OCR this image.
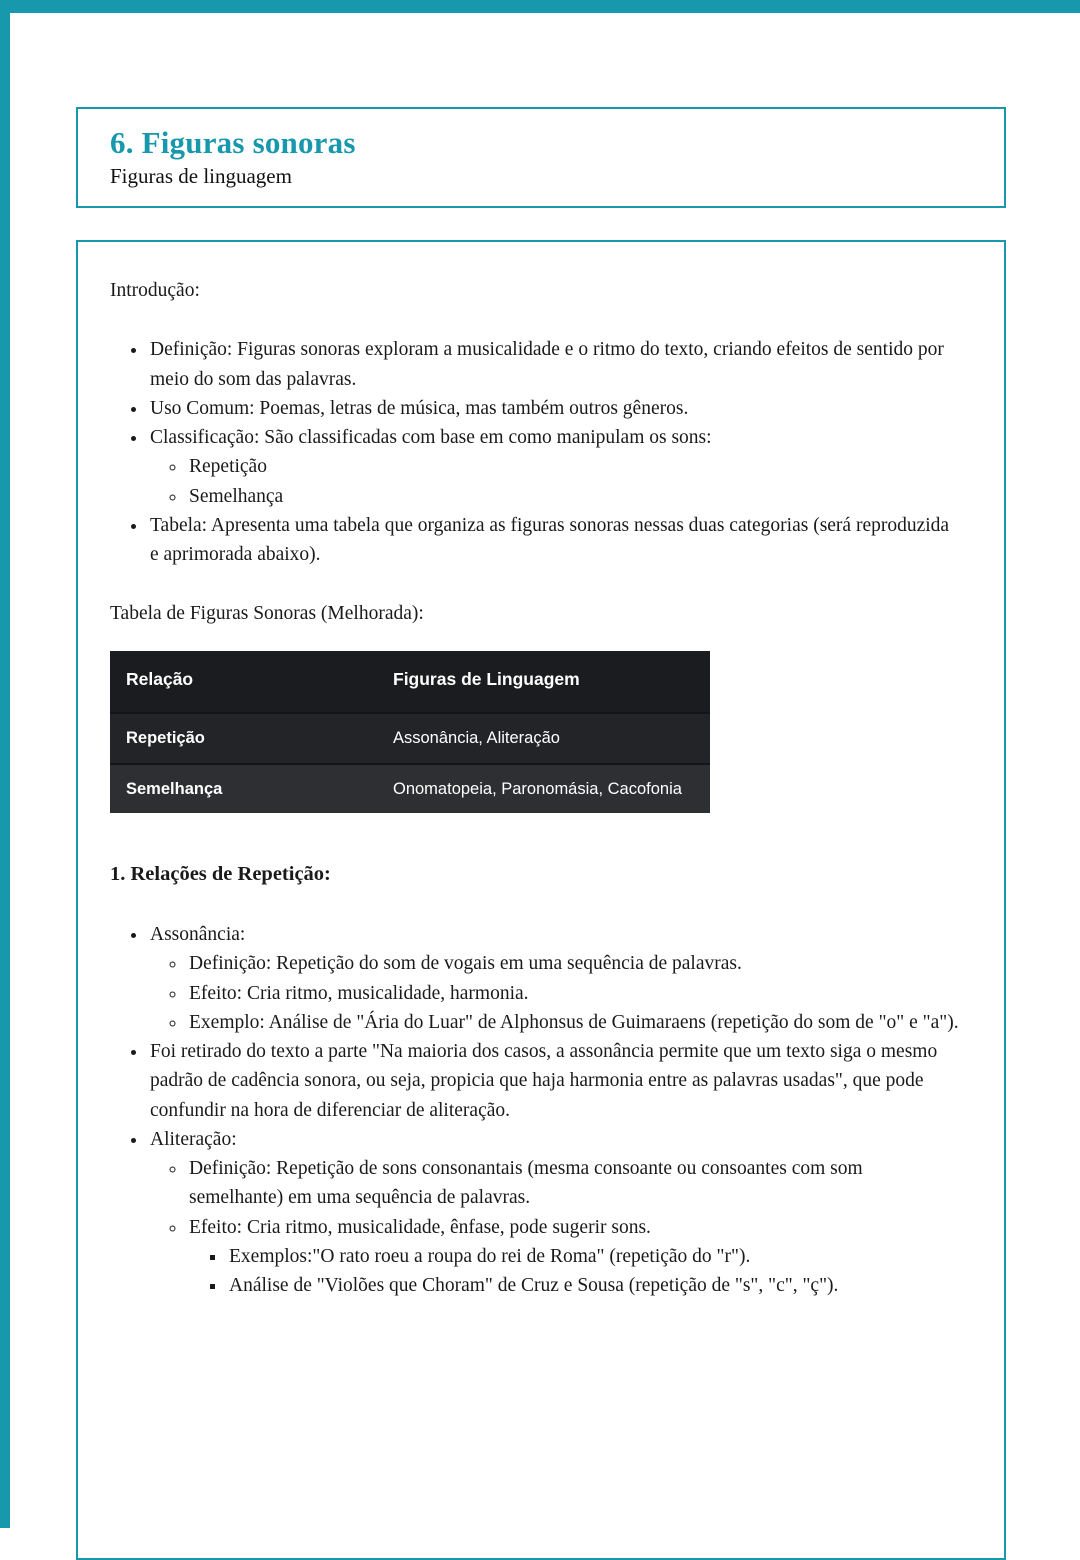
6. Figuras sonoras

Figuras de linguagem

Introdução:

• Definição: Figuras sonoras exploram a musicalidade e o ritmo do texto, criando efeitos de sentido por meio do som das palavras.
• Uso Comum: Poemas, letras de música, mas também outros gêneros.
• Classificação: São classificadas com base em como manipulam os sons:
◦ Repetição
◦ Semelhança
• Tabela: Apresenta uma tabela que organiza as figuras sonoras nessas duas categorias (será reproduzida e aprimorada abaixo).

Tabela de Figuras Sonoras (Melhorada):

Relação	Figuras de Linguagem
Repetição	Assonância, Aliteração
Semelhança	Onomatopeia, Paronomásia, Cacofonia
1. Relações de Repetição:
• Assonância:
◦ Definição: Repetição do som de vogais em uma sequência de palavras.
◦ Efeito: Cria ritmo, musicalidade, harmonia.
◦ Exemplo: Análise de "Ária do Luar" de Alphonsus de Guimaraens (repetição do som de "o" e "a").
• Foi retirado do texto a parte "Na maioria dos casos, a assonância permite que um texto siga o mesmo padrão de cadência sonora, ou seja, propicia que haja harmonia entre as palavras usadas", que pode confundir na hora de diferenciar de aliteração.
• Aliteração:
◦ Definição: Repetição de sons consonantais (mesma consoante ou consoantes com som semelhante) em uma sequência de palavras.
◦ Efeito: Cria ritmo, musicalidade, ênfase, pode sugerir sons.
▪ Exemplos:"O rato roeu a roupa do rei de Roma" (repetição do "r").
▪ Análise de "Violões que Choram" de Cruz e Sousa (repetição de "s", "c", "ç").
